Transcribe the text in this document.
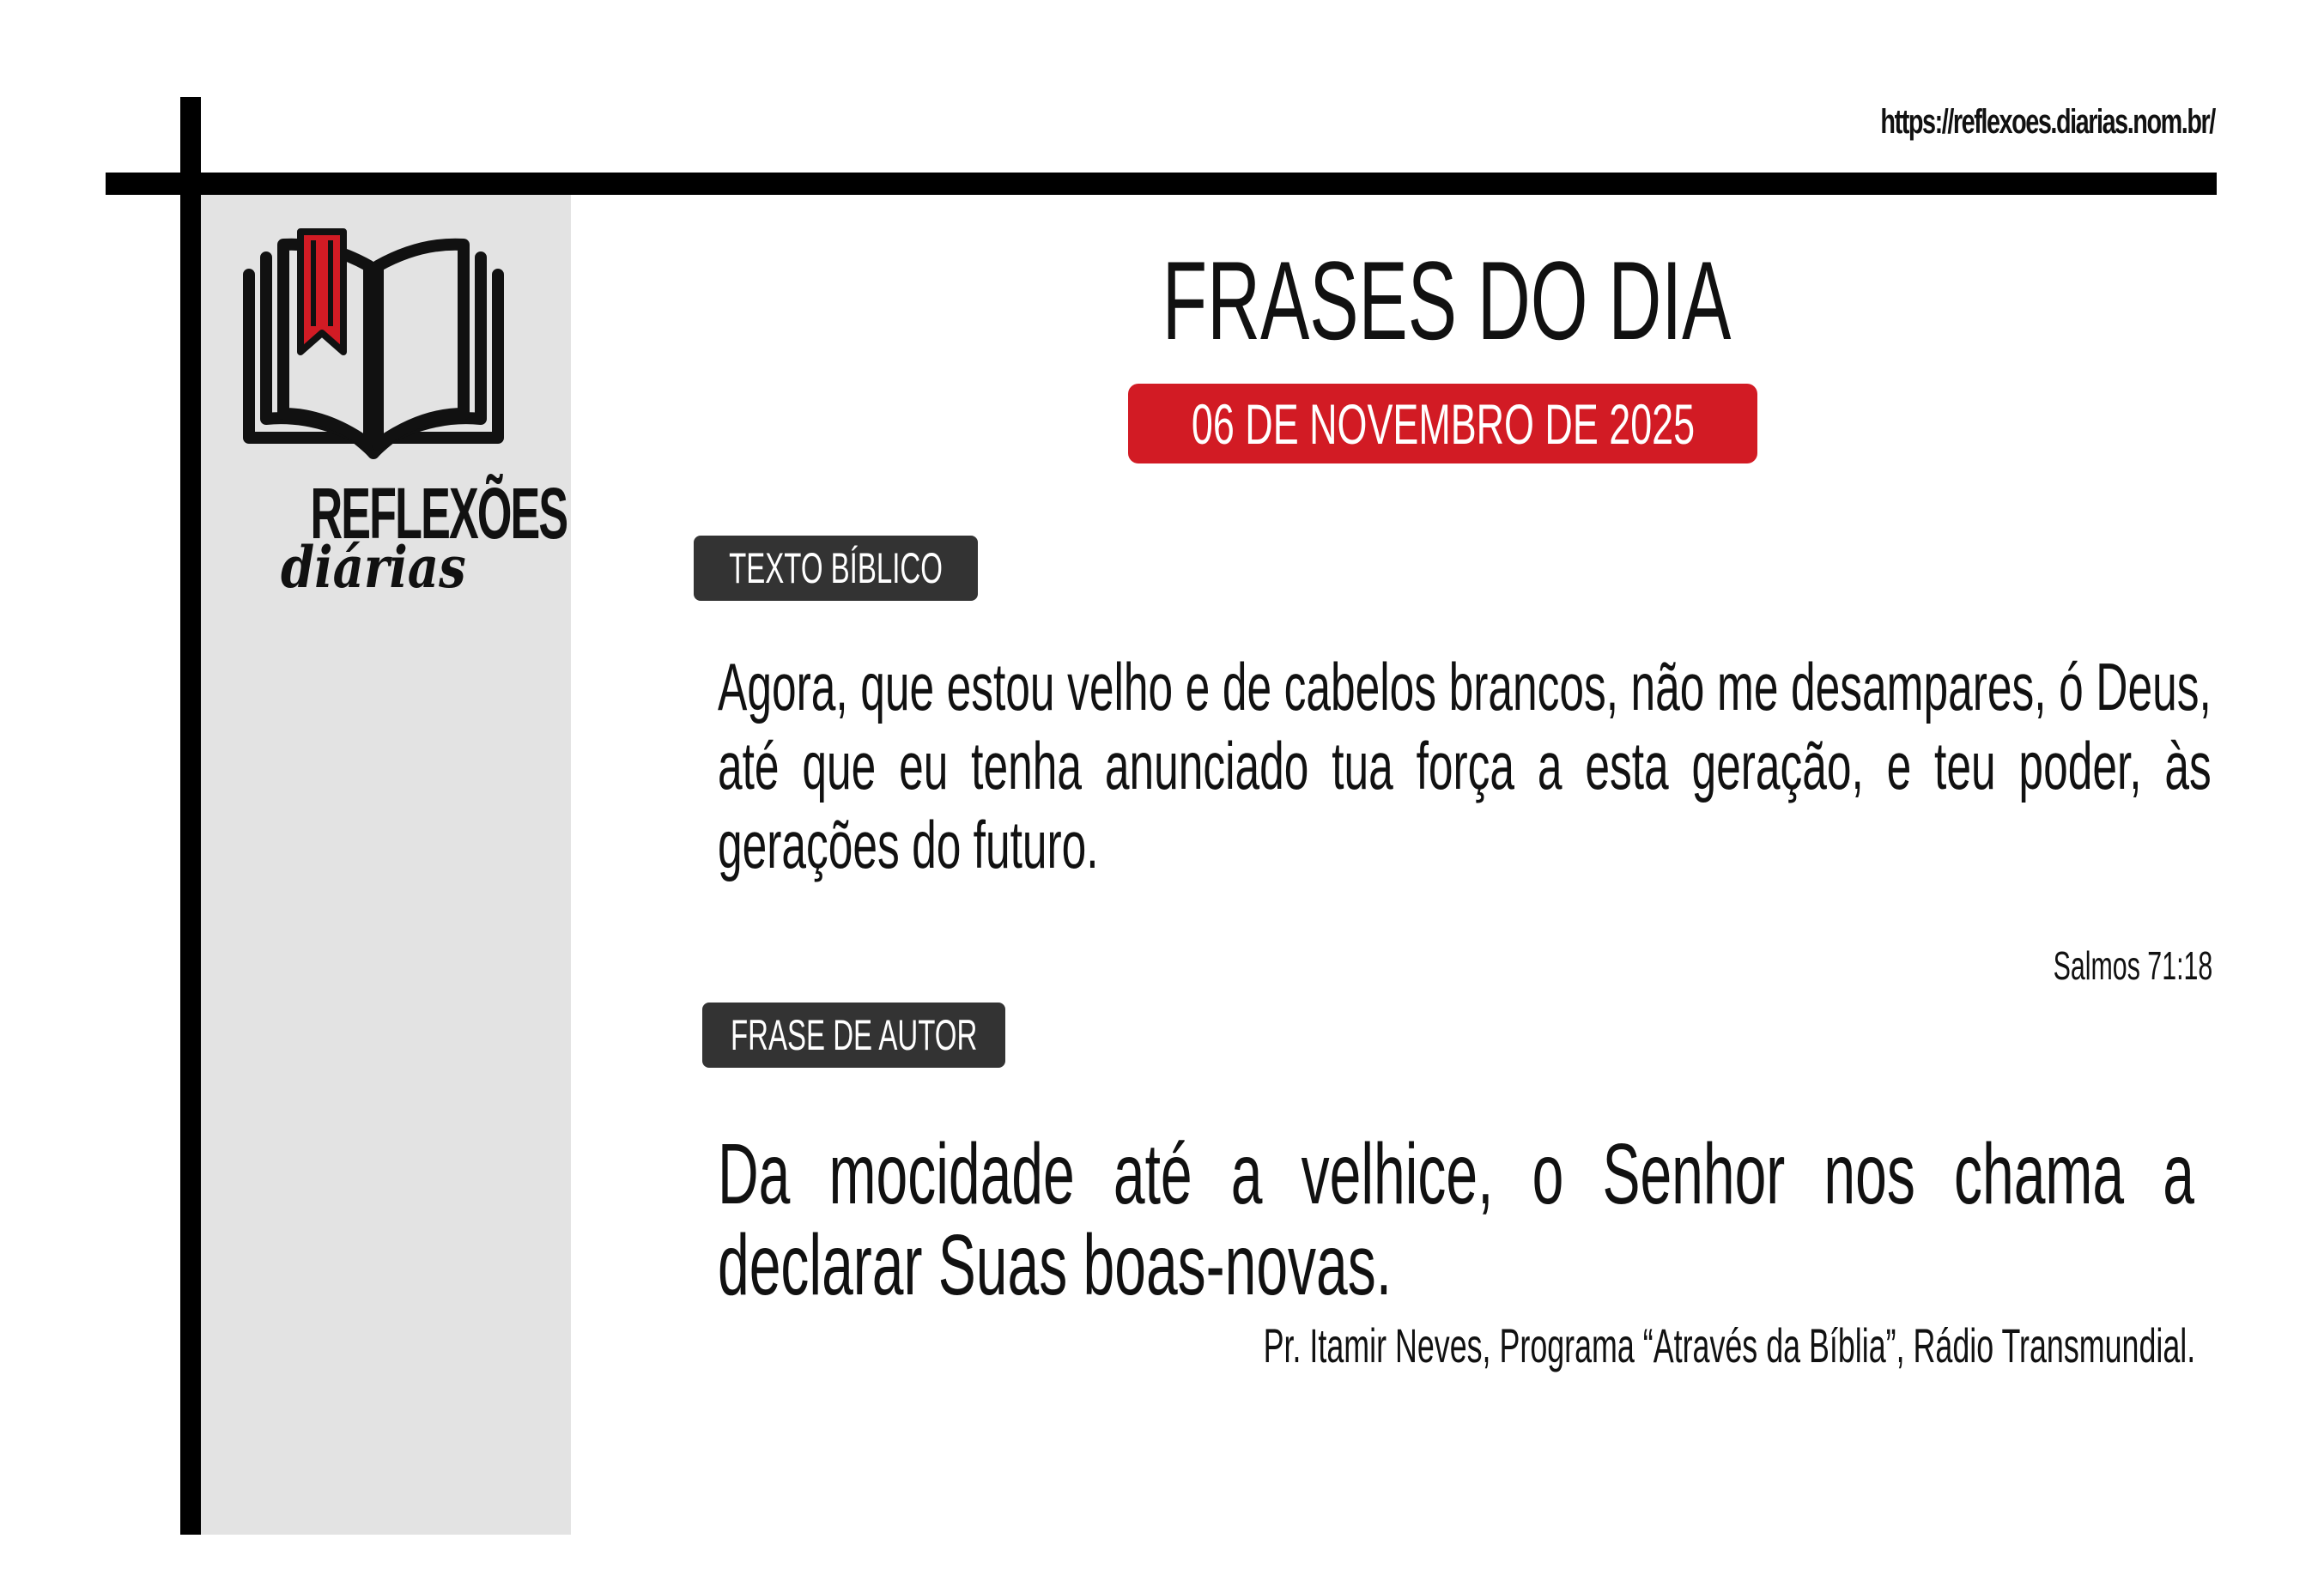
https://reflexoes.diarias.nom.br/
REFLEXÕES
diárias
FRASES DO DIA
06 DE NOVEMBRO DE 2025
TEXTO BÍBLICO
Agora, que estou velho e de cabelos brancos, não me desampares, ó Deus, até que eu tenha anunciado tua força a esta geração, e teu poder, às gerações do futuro.
Salmos 71:18
FRASE DE AUTOR
Da mocidade até a velhice, o Senhor nos chama a declarar Suas boas-novas.
Pr. Itamir Neves, Programa “Através da Bíblia”, Rádio Transmundial.
